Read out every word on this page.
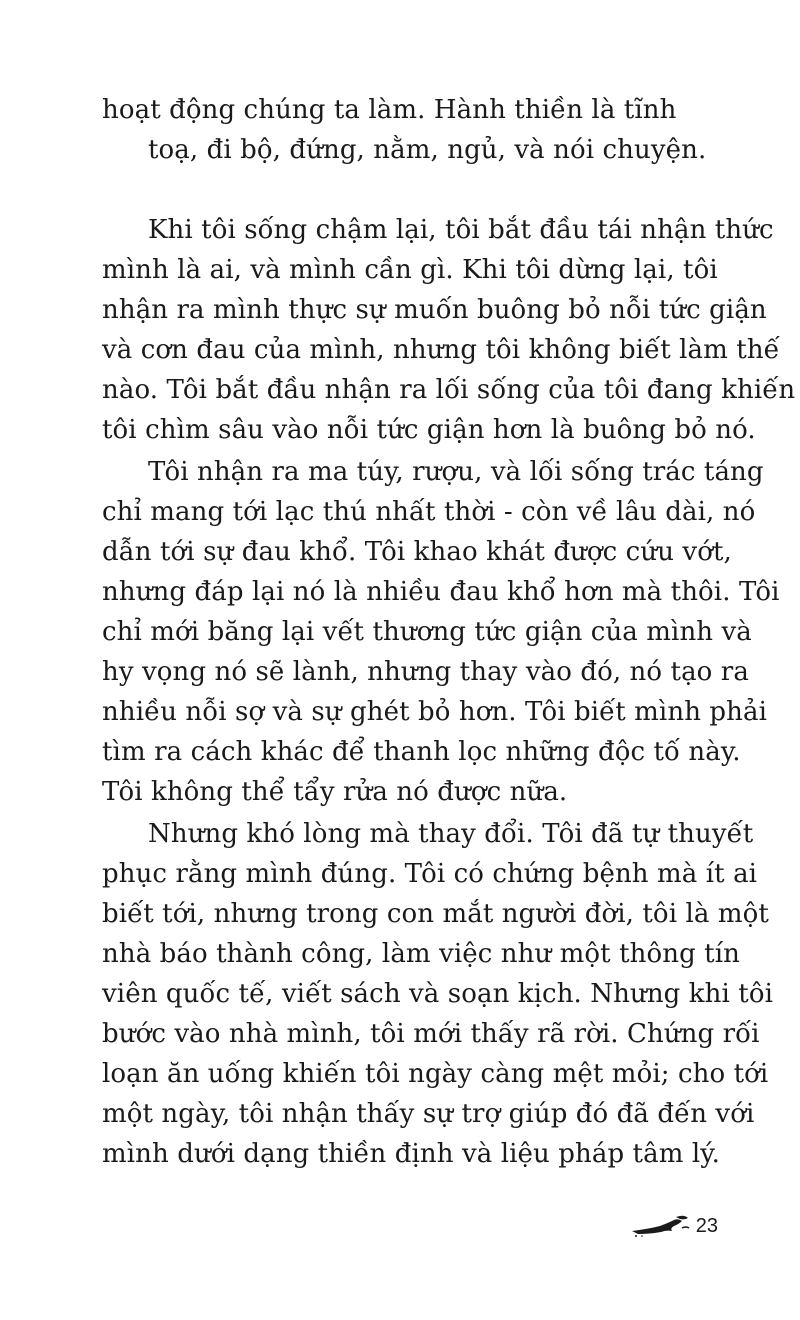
hoạt động chúng ta làm. Hành thiền là tĩnh
toạ, đi bộ, đứng, nằm, ngủ, và nói chuyện.
Khi tôi sống chậm lại, tôi bắt đầu tái nhận thức
mình là ai, và mình cần gì. Khi tôi dừng lại, tôi
nhận ra mình thực sự muốn buông bỏ nỗi tức giận
và cơn đau của mình, nhưng tôi không biết làm thế
nào. Tôi bắt đầu nhận ra lối sống của tôi đang khiến
tôi chìm sâu vào nỗi tức giận hơn là buông bỏ nó.
Tôi nhận ra ma túy, rượu, và lối sống trác táng
chỉ mang tới lạc thú nhất thời - còn về lâu dài, nó
dẫn tới sự đau khổ. Tôi khao khát được cứu vớt,
nhưng đáp lại nó là nhiều đau khổ hơn mà thôi. Tôi
chỉ mới băng lại vết thương tức giận của mình và
hy vọng nó sẽ lành, nhưng thay vào đó, nó tạo ra
nhiều nỗi sợ và sự ghét bỏ hơn. Tôi biết mình phải
tìm ra cách khác để thanh lọc những độc tố này.
Tôi không thể tẩy rửa nó được nữa.
Nhưng khó lòng mà thay đổi. Tôi đã tự thuyết
phục rằng mình đúng. Tôi có chứng bệnh mà ít ai
biết tới, nhưng trong con mắt người đời, tôi là một
nhà báo thành công, làm việc như một thông tín
viên quốc tế, viết sách và soạn kịch. Nhưng khi tôi
bước vào nhà mình, tôi mới thấy rã rời. Chứng rối
loạn ăn uống khiến tôi ngày càng mệt mỏi; cho tới
một ngày, tôi nhận thấy sự trợ giúp đó đã đến với
mình dưới dạng thiền định và liệu pháp tâm lý.
23
